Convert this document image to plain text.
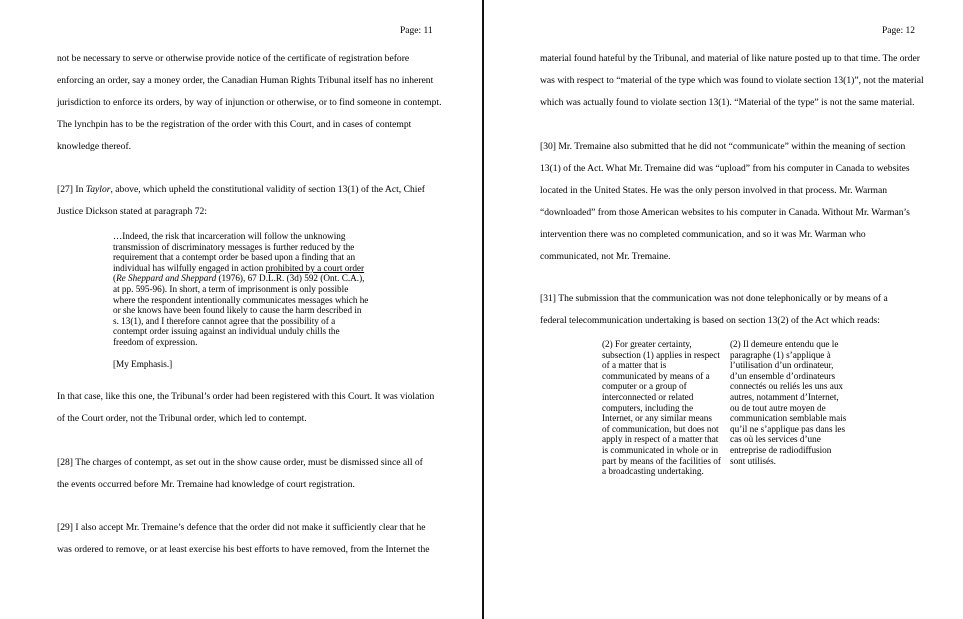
Page: 11
not be necessary to serve or otherwise provide notice of the certificate of registration before
enforcing an order, say a money order, the Canadian Human Rights Tribunal itself has no inherent
jurisdiction to enforce its orders, by way of injunction or otherwise, or to find someone in contempt.
The lynchpin has to be the registration of the order with this Court, and in cases of contempt
knowledge thereof.
[27] In Taylor, above, which upheld the constitutional validity of section 13(1) of the Act, Chief
Justice Dickson stated at paragraph 72:
…Indeed, the risk that incarceration will follow the unknowing
transmission of discriminatory messages is further reduced by the
requirement that a contempt order be based upon a finding that an
individual has wilfully engaged in action prohibited by a court order
(Re Sheppard and Sheppard (1976), 67 D.L.R. (3d) 592 (Ont. C.A.),
at pp. 595-96). In short, a term of imprisonment is only possible
where the respondent intentionally communicates messages which he
or she knows have been found likely to cause the harm described in
s. 13(1), and I therefore cannot agree that the possibility of a
contempt order issuing against an individual unduly chills the
freedom of expression.
[My Emphasis.]
In that case, like this one, the Tribunal’s order had been registered with this Court. It was violation
of the Court order, not the Tribunal order, which led to contempt.
[28] The charges of contempt, as set out in the show cause order, must be dismissed since all of
the events occurred before Mr. Tremaine had knowledge of court registration.
[29] I also accept Mr. Tremaine’s defence that the order did not make it sufficiently clear that he
was ordered to remove, or at least exercise his best efforts to have removed, from the Internet the
Page: 12
material found hateful by the Tribunal, and material of like nature posted up to that time. The order
was with respect to “material of the type which was found to violate section 13(1)”, not the material
which was actually found to violate section 13(1). “Material of the type” is not the same material.
[30] Mr. Tremaine also submitted that he did not “communicate” within the meaning of section
13(1) of the Act. What Mr. Tremaine did was “upload” from his computer in Canada to websites
located in the United States. He was the only person involved in that process. Mr. Warman
“downloaded” from those American websites to his computer in Canada. Without Mr. Warman’s
intervention there was no completed communication, and so it was Mr. Warman who
communicated, not Mr. Tremaine.
[31] The submission that the communication was not done telephonically or by means of a
federal telecommunication undertaking is based on section 13(2) of the Act which reads:
(2) For greater certainty,
subsection (1) applies in respect
of a matter that is
communicated by means of a
computer or a group of
interconnected or related
computers, including the
Internet, or any similar means
of communication, but does not
apply in respect of a matter that
is communicated in whole or in
part by means of the facilities of
a broadcasting undertaking.
(2) Il demeure entendu que le
paragraphe (1) s’applique à
l’utilisation d’un ordinateur,
d’un ensemble d’ordinateurs
connectés ou reliés les uns aux
autres, notamment d’Internet,
ou de tout autre moyen de
communication semblable mais
qu’il ne s’applique pas dans les
cas où les services d’une
entreprise de radiodiffusion
sont utilisés.
